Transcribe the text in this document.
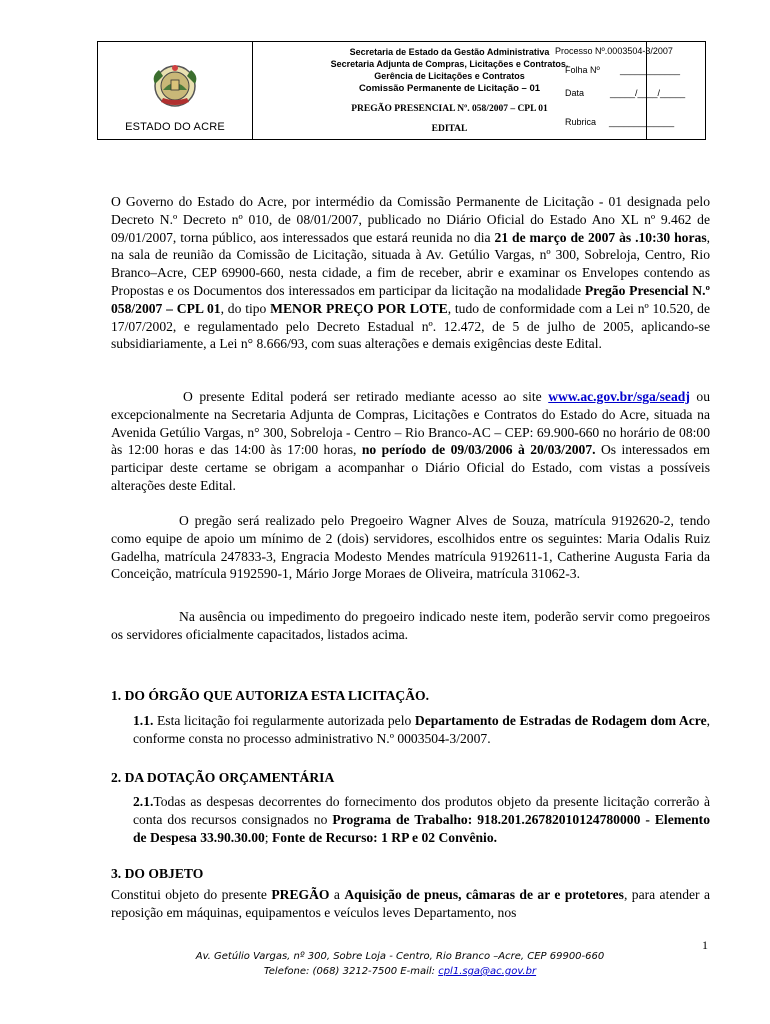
ESTADO DO ACRE
Secretaria de Estado da Gestão Administrativa
Secretaria Adjunta de Compras, Licitações e Contratos.
Gerência de Licitações e Contratos
Comissão Permanente de Licitação – 01
PREGÃO PRESENCIAL Nº. 058/2007 – CPL 01
EDITAL
Processo Nº.0003504-3/2007
Folha Nº ____________
Data	_____/____/_____
Rubrica _____________
O Governo do Estado do Acre, por intermédio da Comissão Permanente de Licitação - 01 designada pelo Decreto N.º Decreto nº 010, de 08/01/2007, publicado no Diário Oficial do Estado Ano XL nº 9.462 de 09/01/2007, torna público, aos interessados que estará reunida no dia 21 de março de 2007 às .10:30 horas, na sala de reunião da Comissão de Licitação, situada à Av. Getúlio Vargas, nº 300, Sobreloja, Centro, Rio Branco–Acre, CEP 69900-660, nesta cidade, a fim de receber, abrir e examinar os Envelopes contendo as Propostas e os Documentos dos interessados em participar da licitação na modalidade Pregão Presencial N.º 058/2007 – CPL 01, do tipo MENOR PREÇO POR LOTE, tudo de conformidade com a Lei nº 10.520, de 17/07/2002, e regulamentado pelo Decreto Estadual nº. 12.472, de 5 de julho de 2005, aplicando-se subsidiariamente, a Lei n° 8.666/93, com suas alterações e demais exigências deste Edital.
O presente Edital poderá ser retirado mediante acesso ao site www.ac.gov.br/sga/seadj ou excepcionalmente na Secretaria Adjunta de Compras, Licitações e Contratos do Estado do Acre, situada na Avenida Getúlio Vargas, n° 300, Sobreloja - Centro – Rio Branco-AC – CEP: 69.900-660 no horário de 08:00 às 12:00 horas e das 14:00 às 17:00 horas, no período de 09/03/2006 à 20/03/2007. Os interessados em participar deste certame se obrigam a acompanhar o Diário Oficial do Estado, com vistas a possíveis alterações deste Edital.
O pregão será realizado pelo Pregoeiro Wagner Alves de Souza, matrícula 9192620-2, tendo como equipe de apoio um mínimo de 2 (dois) servidores, escolhidos entre os seguintes: Maria Odalis Ruiz Gadelha, matrícula 247833-3, Engracia Modesto Mendes matrícula 9192611-1, Catherine Augusta Faria da Conceição, matrícula 9192590-1, Mário Jorge Moraes de Oliveira, matrícula 31062-3.
Na ausência ou impedimento do pregoeiro indicado neste item, poderão servir como pregoeiros os servidores oficialmente capacitados, listados acima.
1. DO ÓRGÃO QUE AUTORIZA ESTA LICITAÇÃO.
1.1. Esta licitação foi regularmente autorizada pelo Departamento de Estradas de Rodagem dom Acre, conforme consta no processo administrativo N.º 0003504-3/2007.
2. DA DOTAÇÃO ORÇAMENTÁRIA
2.1.Todas as despesas decorrentes do fornecimento dos produtos objeto da presente licitação correrão à conta dos recursos consignados no Programa de Trabalho: 918.201.26782010124780000 - Elemento de Despesa 33.90.30.00; Fonte de Recurso: 1 RP e 02 Convênio.
3. DO OBJETO
Constitui objeto do presente PREGÃO a Aquisição de pneus, câmaras de ar e protetores, para atender a reposição em máquinas, equipamentos e veículos leves Departamento, nos
1
Av. Getúlio Vargas, nº 300, Sobre Loja - Centro, Rio Branco –Acre, CEP 69900-660
Telefone: (068) 3212-7500 E-mail: cpl1.sga@ac.gov.br
